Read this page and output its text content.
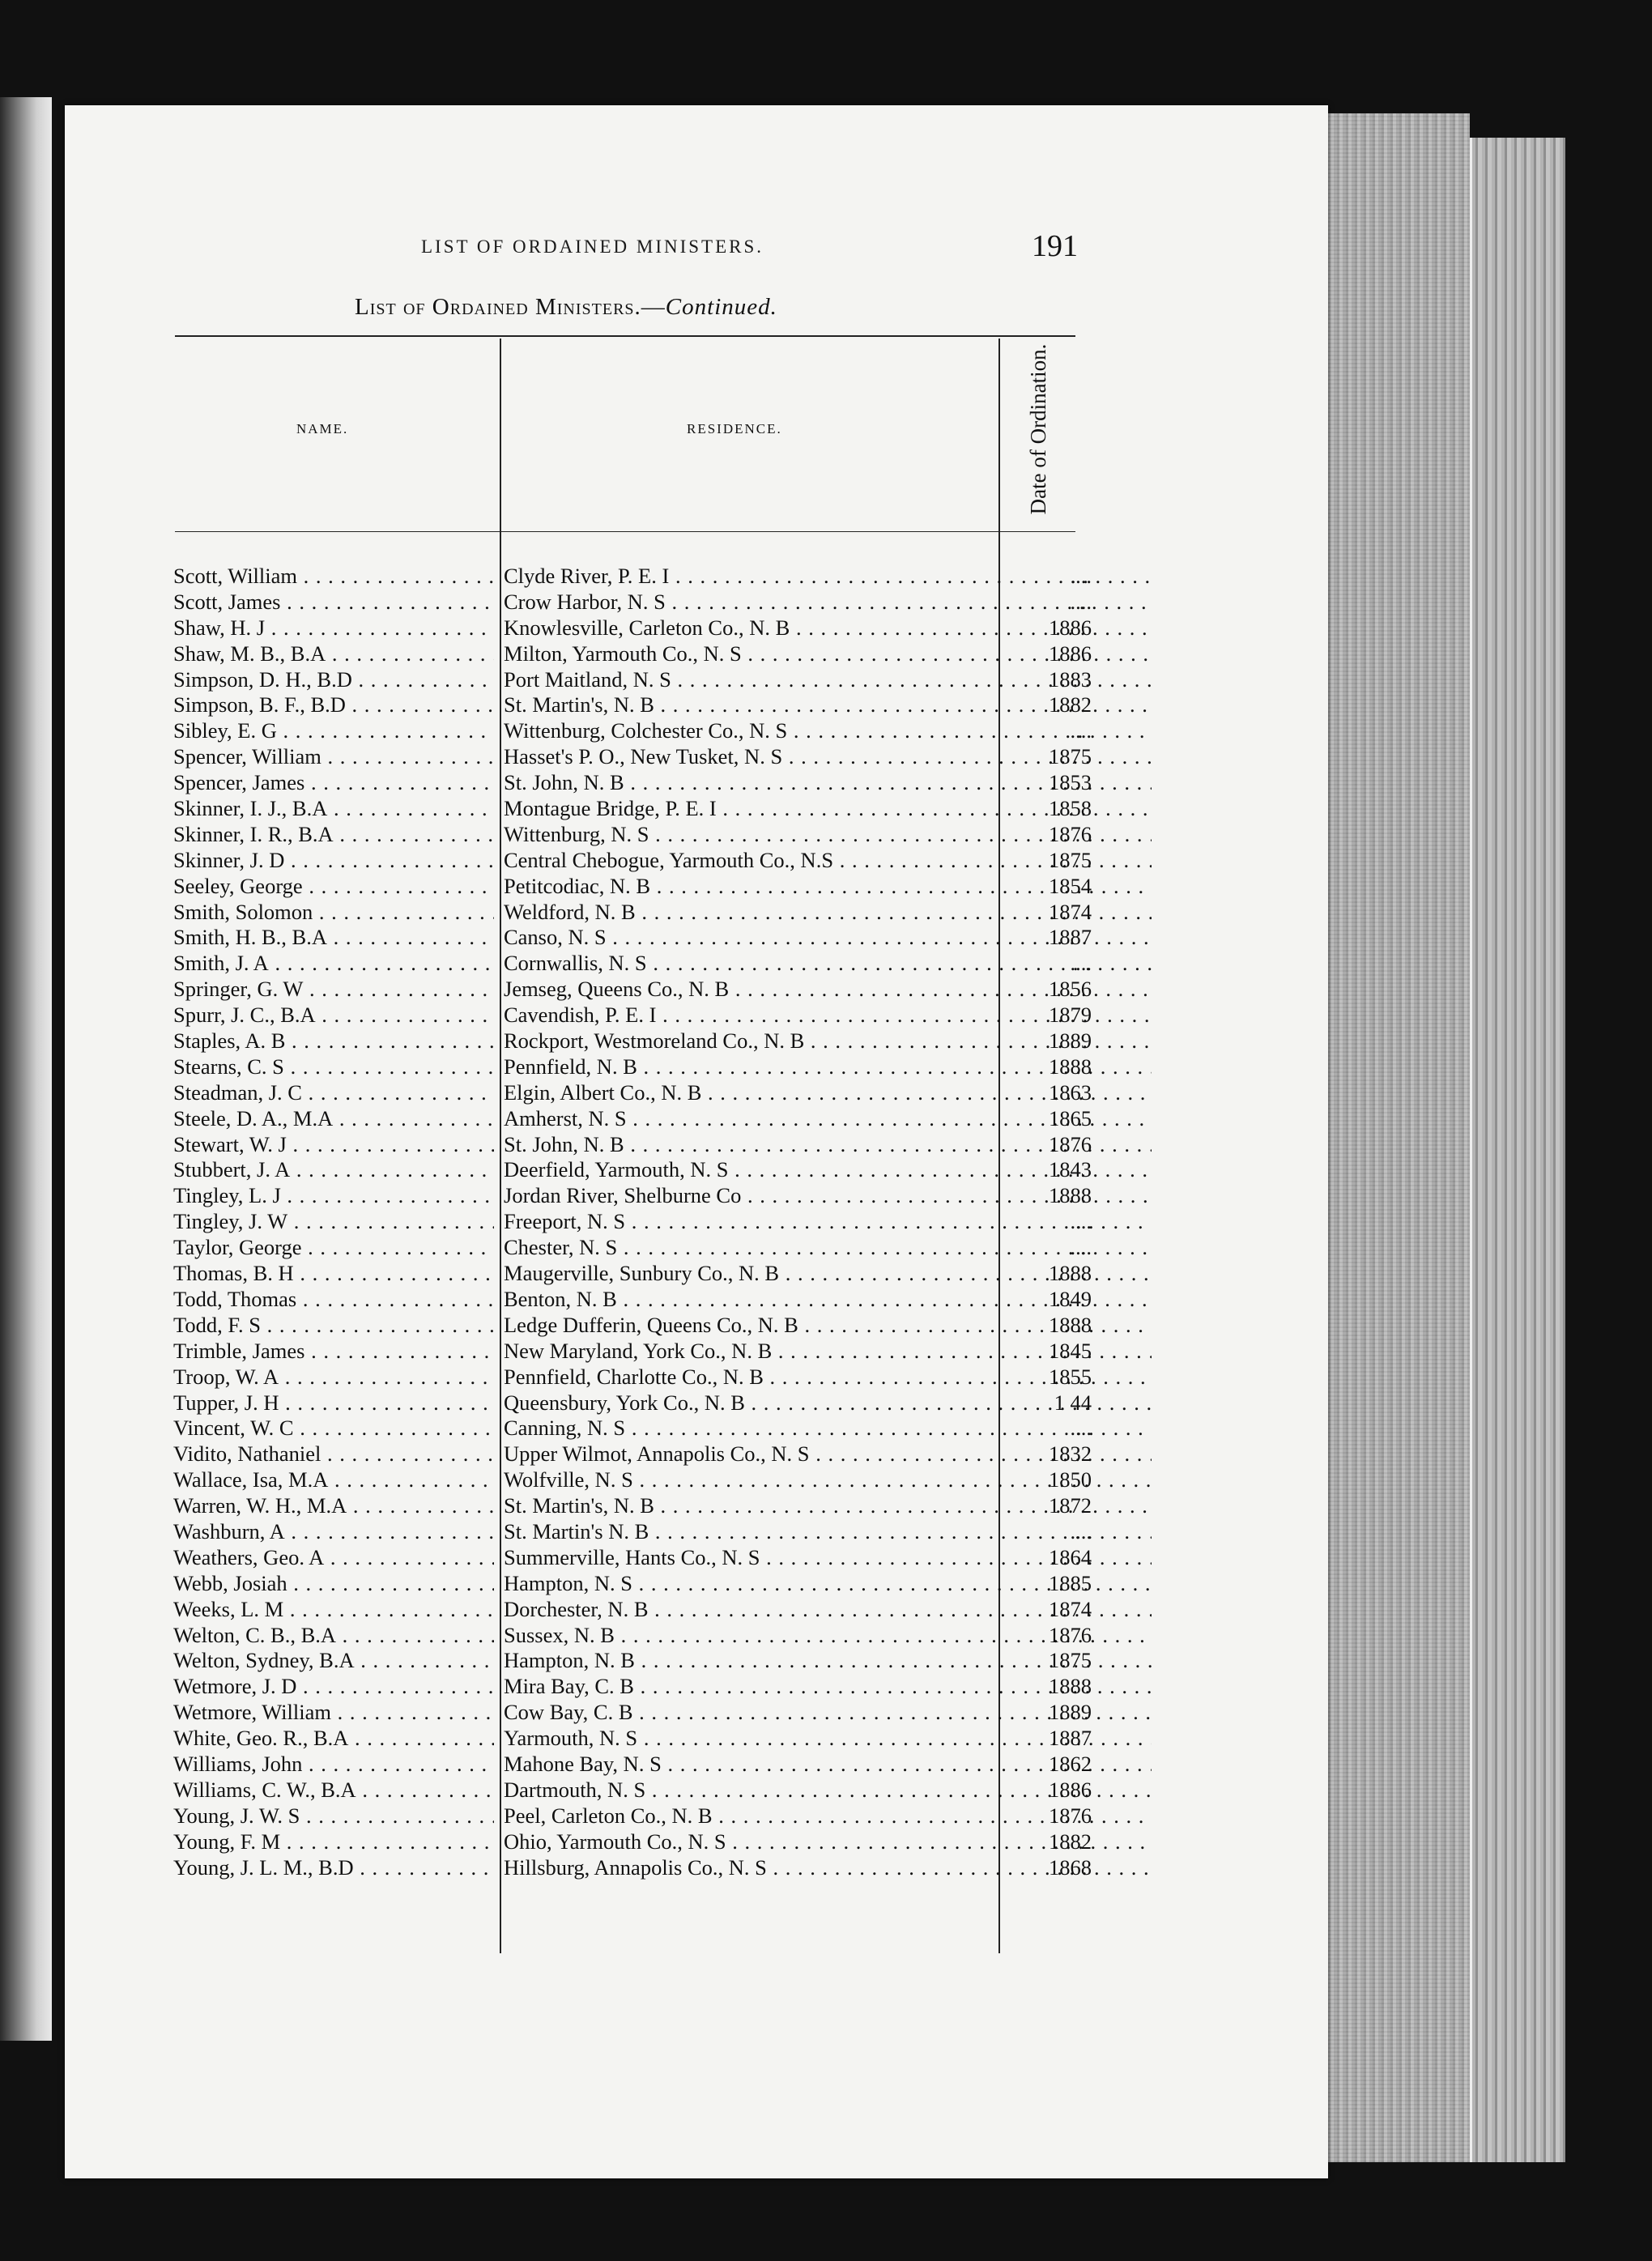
LIST OF ORDAINED MINISTERS.	191
List of Ordained Ministers.—Continued.
NAME.	RESIDENCE.	Date of Ordination.
Scott, William . . .	Clyde River, P. E. I . . .	....
Scott, James . . .	Crow Harbor, N. S . . .	....
Shaw, H. J . . .	Knowlesville, Carleton Co., N. B . . .	1886
Shaw, M. B., B.A . . .	Milton, Yarmouth Co., N. S . . .	1886
Simpson, D. H., B.D . . .	Port Maitland, N. S . . .	1883
Simpson, B. F., B.D . . .	St. Martin's, N. B . . .	1882
Sibley, E. G . . .	Wittenburg, Colchester Co., N. S . . .	....
Spencer, William . . .	Hasset's P. O., New Tusket, N. S . . .	1875
Spencer, James . . .	St. John, N. B . . .	1853
Skinner, I. J., B.A . . .	Montague Bridge, P. E. I . . .	1858
Skinner, I. R., B.A . . .	Wittenburg, N. S . . .	1876
Skinner, J. D . . .	Central Chebogue, Yarmouth Co., N.S . . .	1875
Seeley, George . . .	Petitcodiac, N. B . . .	1854
Smith, Solomon . . .	Weldford, N. B . . .	1874
Smith, H. B., B.A . . .	Canso, N. S . . .	1887
Smith, J. A . . .	Cornwallis, N. S . . .	....
Springer, G. W . . .	Jemseg, Queens Co., N. B . . .	1856
Spurr, J. C., B.A . . .	Cavendish, P. E. I . . .	1879
Staples, A. B . . .	Rockport, Westmoreland Co., N. B . . .	1889
Stearns, C. S . . .	Pennfield, N. B . . .	1888
Steadman, J. C . . .	Elgin, Albert Co., N. B . . .	1863
Steele, D. A., M.A . . .	Amherst, N. S . . .	1865
Stewart, W. J . . .	St. John, N. B . . .	1876
Stubbert, J. A . . .	Deerfield, Yarmouth, N. S . . .	1843
Tingley, L. J . . .	Jordan River, Shelburne Co . . .	1888
Tingley, J. W . . .	Freeport, N. S . . .	....
Taylor, George . . .	Chester, N. S . . .	....
Thomas, B. H . . .	Maugerville, Sunbury Co., N. B . . .	1888
Todd, Thomas . . .	Benton, N. B . . .	1849
Todd, F. S . . .	Ledge Dufferin, Queens Co., N. B . . .	1888
Trimble, James . . .	New Maryland, York Co., N. B . . .	1845
Troop, W. A . . .	Pennfield, Charlotte Co., N. B . . .	1855
Tupper, J. H . . .	Queensbury, York Co., N. B . . .	1 44
Vincent, W. C . . .	Canning, N. S . . .	....
Vidito, Nathaniel . . .	Upper Wilmot, Annapolis Co., N. S . . .	1832
Wallace, Isa, M.A . . .	Wolfville, N. S . . .	1850
Warren, W. H., M.A . . .	St. Martin's, N. B . . .	1872
Washburn, A . . .	St. Martin's N. B . . .	....
Weathers, Geo. A . . .	Summerville, Hants Co., N. S . . .	1864
Webb, Josiah . . .	Hampton, N. S . . .	1885
Weeks, L. M . . .	Dorchester, N. B . . .	1874
Welton, C. B., B.A . . .	Sussex, N. B . . .	1876
Welton, Sydney, B.A . . .	Hampton, N. B . . .	1875
Wetmore, J. D . . .	Mira Bay, C. B . . .	1888
Wetmore, William . . .	Cow Bay, C. B . . .	1889
White, Geo. R., B.A . . .	Yarmouth, N. S . . .	1887
Williams, John . . .	Mahone Bay, N. S . . .	1862
Williams, C. W., B.A . . .	Dartmouth, N. S . . .	1886
Young, J. W. S . . .	Peel, Carleton Co., N. B . . .	1876
Young, F. M . . .	Ohio, Yarmouth Co., N. S . . .	1882
Young, J. L. M., B.D . . .	Hillsburg, Annapolis Co., N. S . . .	1868
